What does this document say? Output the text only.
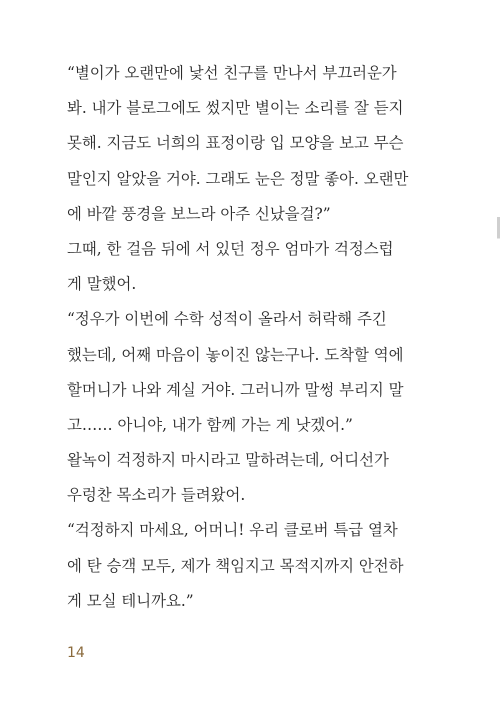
“별이가 오랜만에 낯선 친구를 만나서 부끄러운가
봐. 내가 블로그에도 썼지만 별이는 소리를 잘 듣지
못해. 지금도 너희의 표정이랑 입 모양을 보고 무슨
말인지 알았을 거야. 그래도 눈은 정말 좋아. 오랜만
에 바깥 풍경을 보느라 아주 신났을걸?”
그때, 한 걸음 뒤에 서 있던 정우 엄마가 걱정스럽
게 말했어.
“정우가 이번에 수학 성적이 올라서 허락해 주긴
했는데, 어째 마음이 놓이진 않는구나. 도착할 역에
할머니가 나와 계실 거야. 그러니까 말썽 부리지 말
고…… 아니야, 내가 함께 가는 게 낫겠어.”
왈녹이 걱정하지 마시라고 말하려는데, 어디선가
우렁찬 목소리가 들려왔어.
“걱정하지 마세요, 어머니! 우리 클로버 특급 열차
에 탄 승객 모두, 제가 책임지고 목적지까지 안전하
게 모실 테니까요.”
14
